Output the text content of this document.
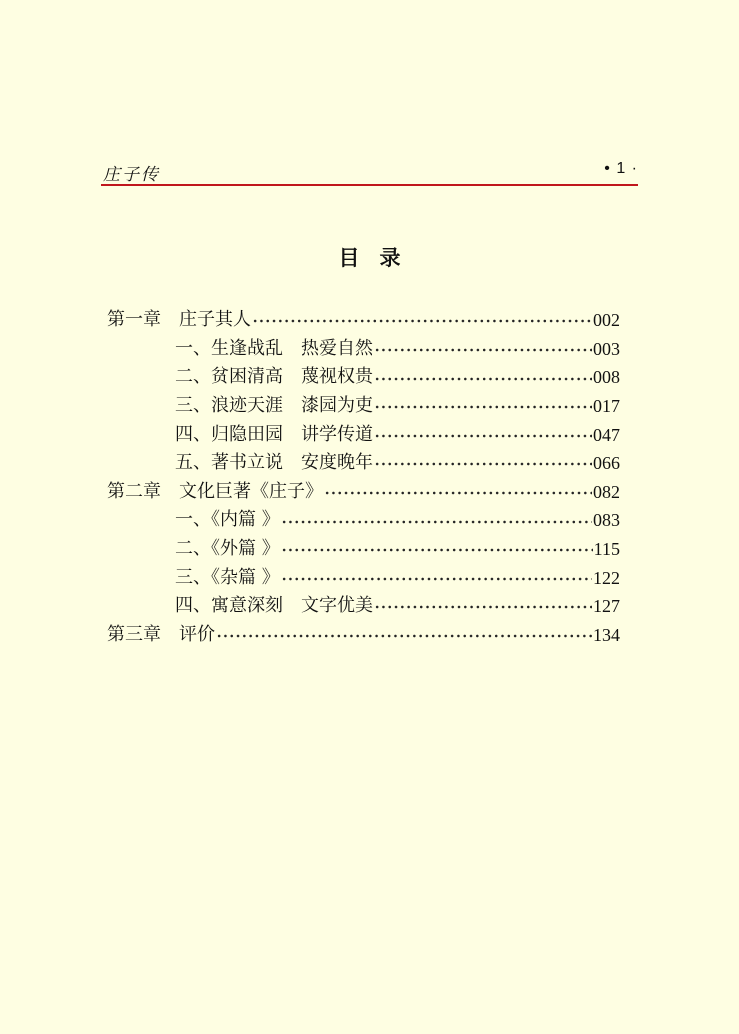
庄子传	• 1 ·
目录
第一章　庄子其人	002
一、生逢战乱　热爱自然	003
二、贫困清高　蔑视权贵	008
三、浪迹天涯　漆园为吏	017
四、归隐田园　讲学传道	047
五、著书立说　安度晚年	066
第二章　文化巨著《庄子》	082
一、《内篇 》	083
二、《外篇 》	115
三、《杂篇 》	122
四、寓意深刻　文字优美	127
第三章　评价	134
